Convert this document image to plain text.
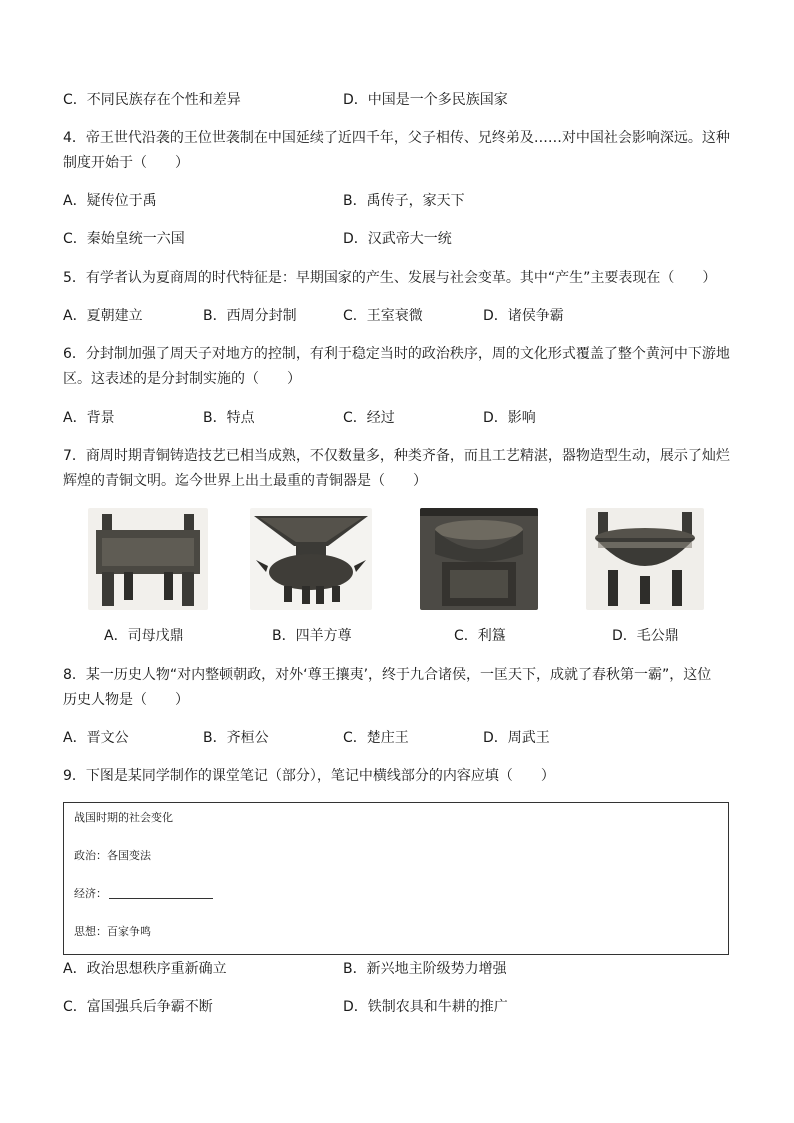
C．不同民族存在个性和差异	D．中国是一个多民族国家
4．帝王世代沿袭的王位世袭制在中国延续了近四千年，父子相传、兄终弟及……对中国社会影响深远。这种
制度开始于（　　）
A．疑传位于禹	B．禹传子，家天下
C．秦始皇统一六国	D．汉武帝大一统
5．有学者认为夏商周的时代特征是：早期国家的产生、发展与社会变革。其中“产生”主要表现在（　　）
A．夏朝建立	B．西周分封制	C．王室衰微	D．诸侯争霸
6．分封制加强了周天子对地方的控制，有利于稳定当时的政治秩序，周的文化形式覆盖了整个黄河中下游地
区。这表述的是分封制实施的（　　）
A．背景	B．特点	C．经过	D．影响
7．商周时期青铜铸造技艺已相当成熟，不仅数量多，种类齐备，而且工艺精湛，器物造型生动，展示了灿烂
辉煌的青铜文明。迄今世界上出土最重的青铜器是（　　）
A．司母戊鼎	B．四羊方尊	C．利簋	D．毛公鼎
8．某一历史人物“对内整顿朝政，对外‘尊王攘夷’，终于九合诸侯，一匡天下，成就了春秋第一霸”，这位
历史人物是（　　）
A．晋文公	B．齐桓公	C．楚庄王	D．周武王
9．下图是某同学制作的课堂笔记（部分），笔记中横线部分的内容应填（　　）
战国时期的社会变化
政治：各国变法
经济：
思想：百家争鸣
A．政治思想秩序重新确立	B．新兴地主阶级势力增强
C．富国强兵后争霸不断	D．铁制农具和牛耕的推广
